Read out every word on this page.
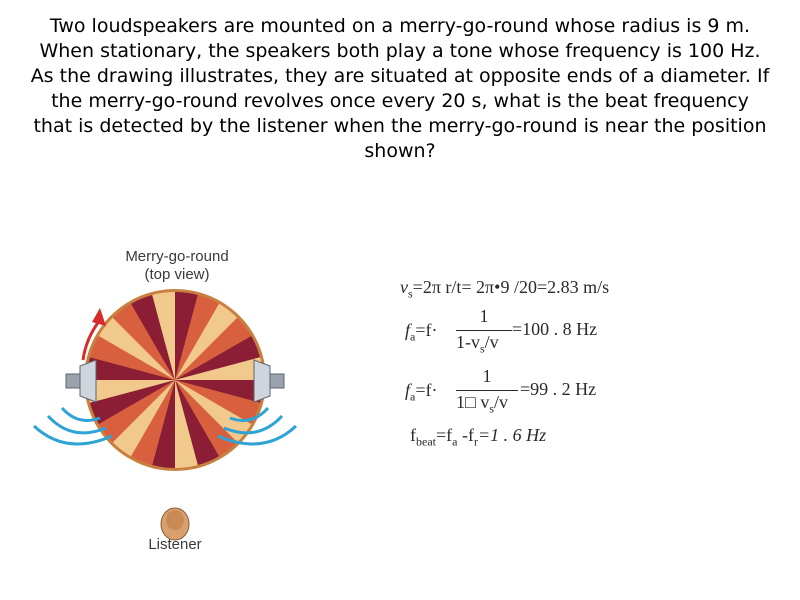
Two loudspeakers are mounted on a merry-go-round whose radius is 9 m. When stationary, the speakers both play a tone whose frequency is 100 Hz. As the drawing illustrates, they are situated at opposite ends of a diameter. If the merry-go-round revolves once every 20 s, what is the beat frequency that is detected by the listener when the merry-go-round is near the position shown?
Merry-go-round
(top view)
Listener
$v_s=2\pi$ r/t= 2π•9 /20=2.83 m/s
$f_a=f\cdot$
1
$1-v_s/v$
=100 . 8 Hz
$f_a=f\cdot$
1
1□ $v_s/v$
=99 . 2 Hz
$f_{beat}=f_a$ $-f_r=1$ . 6 Hz
